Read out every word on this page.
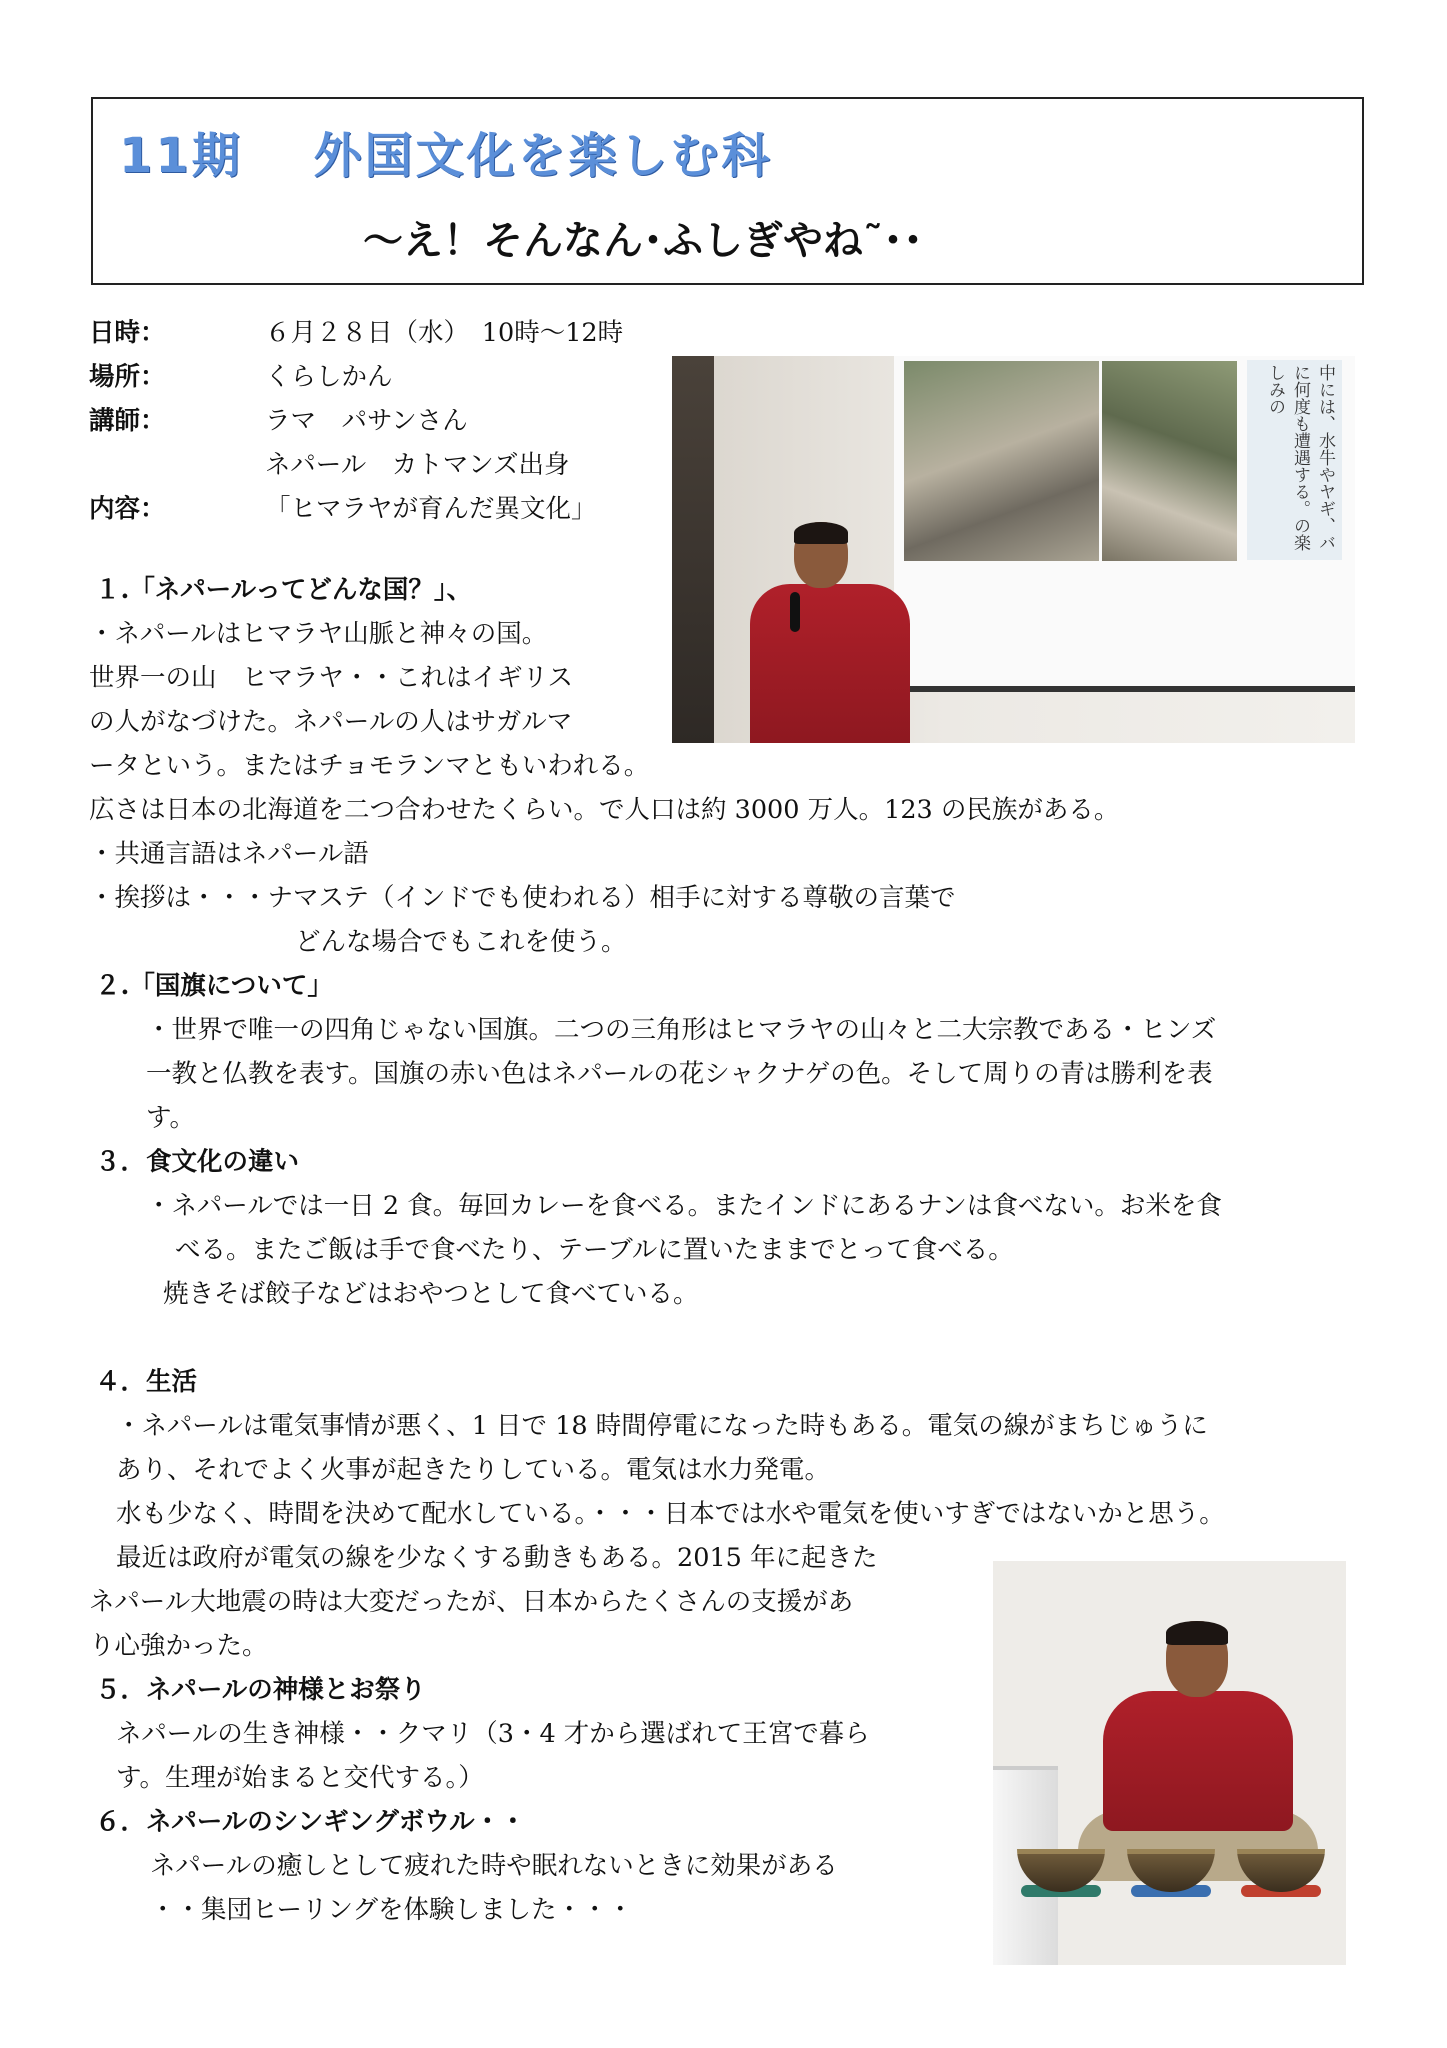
11期　 外国文化を楽しむ科
～え！そんなん･ふしぎやね˜･･
日時：	６月２８日（水）　10時～12時
場所：	くらしかん
講師：	ラマ　パサンさん
ネパール　カトマンズ出身
内容：	「ヒマラヤが育んだ異文化」	中には、水牛やヤギ、バに何度も遭遇する。の楽しみの
１.「ネパールってどんな国？」、
・ネパールはヒマラヤ山脈と神々の国。
世界一の山　ヒマラヤ・・これはイギリス
の人がなづけた。ネパールの人はサガルマ
ータという。またはチョモランマともいわれる。
広さは日本の北海道を二つ合わせたくらい。で人口は約 3000 万人。123 の民族がある。
・共通言語はネパール語
・挨拶は・・・ナマステ（インドでも使われる）相手に対する尊敬の言葉で
どんな場合でもこれを使う。
２.「国旗について」
・世界で唯一の四角じゃない国旗。二つの三角形はヒマラヤの山々と二大宗教である・ヒンズ
一教と仏教を表す。国旗の赤い色はネパールの花シャクナゲの色。そして周りの青は勝利を表
す。
３．食文化の違い
・ネパールでは一日 2 食。毎回カレーを食べる。またインドにあるナンは食べない。お米を食
べる。またご飯は手で食べたり、テーブルに置いたままでとって食べる。
焼きそば餃子などはおやつとして食べている。
４．生活
・ネパールは電気事情が悪く、1 日で 18 時間停電になった時もある。電気の線がまちじゅうに
あり、それでよく火事が起きたりしている。電気は水力発電。
水も少なく、時間を決めて配水している。・・・日本では水や電気を使いすぎではないかと思う。
最近は政府が電気の線を少なくする動きもある。2015 年に起きた
ネパール大地震の時は大変だったが、日本からたくさんの支援があ
り心強かった。
５．ネパールの神様とお祭り
ネパールの生き神様・・クマリ（3・4 才から選ばれて王宮で暮ら
す。生理が始まると交代する。）
６．ネパールのシンギングボウル・・
ネパールの癒しとして疲れた時や眠れないときに効果がある
・・集団ヒーリングを体験しました・・・
